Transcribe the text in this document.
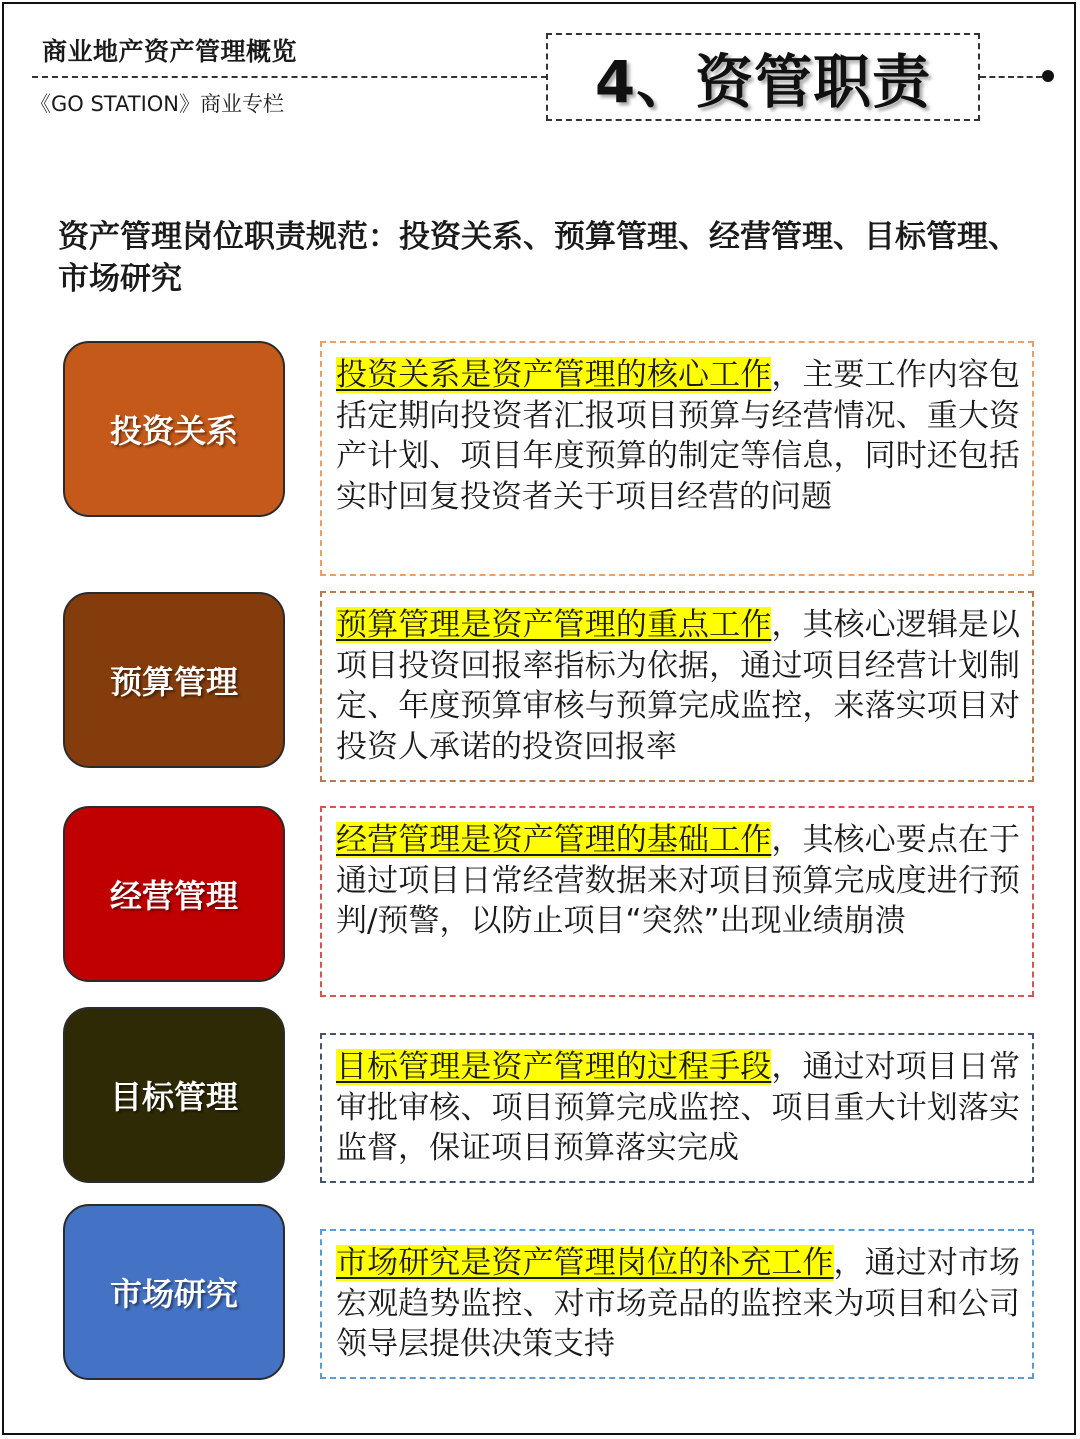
商业地产资产管理概览
《GO STATION》商业专栏	4、资管职责
资产管理岗位职责规范：投资关系、预算管理、经营管理、目标管理、市场研究
投资关系
投资关系是资产管理的核心工作，主要工作内容包括定期向投资者汇报项目预算与经营情况、重大资产计划、项目年度预算的制定等信息，同时还包括实时回复投资者关于项目经营的问题
预算管理
预算管理是资产管理的重点工作，其核心逻辑是以项目投资回报率指标为依据，通过项目经营计划制定、年度预算审核与预算完成监控，来落实项目对投资人承诺的投资回报率
经营管理
经营管理是资产管理的基础工作，其核心要点在于通过项目日常经营数据来对项目预算完成度进行预判/预警，以防止项目“突然”出现业绩崩溃
目标管理
目标管理是资产管理的过程手段，通过对项目日常审批审核、项目预算完成监控、项目重大计划落实监督，保证项目预算落实完成
市场研究
市场研究是资产管理岗位的补充工作，通过对市场宏观趋势监控、对市场竞品的监控来为项目和公司领导层提供决策支持
